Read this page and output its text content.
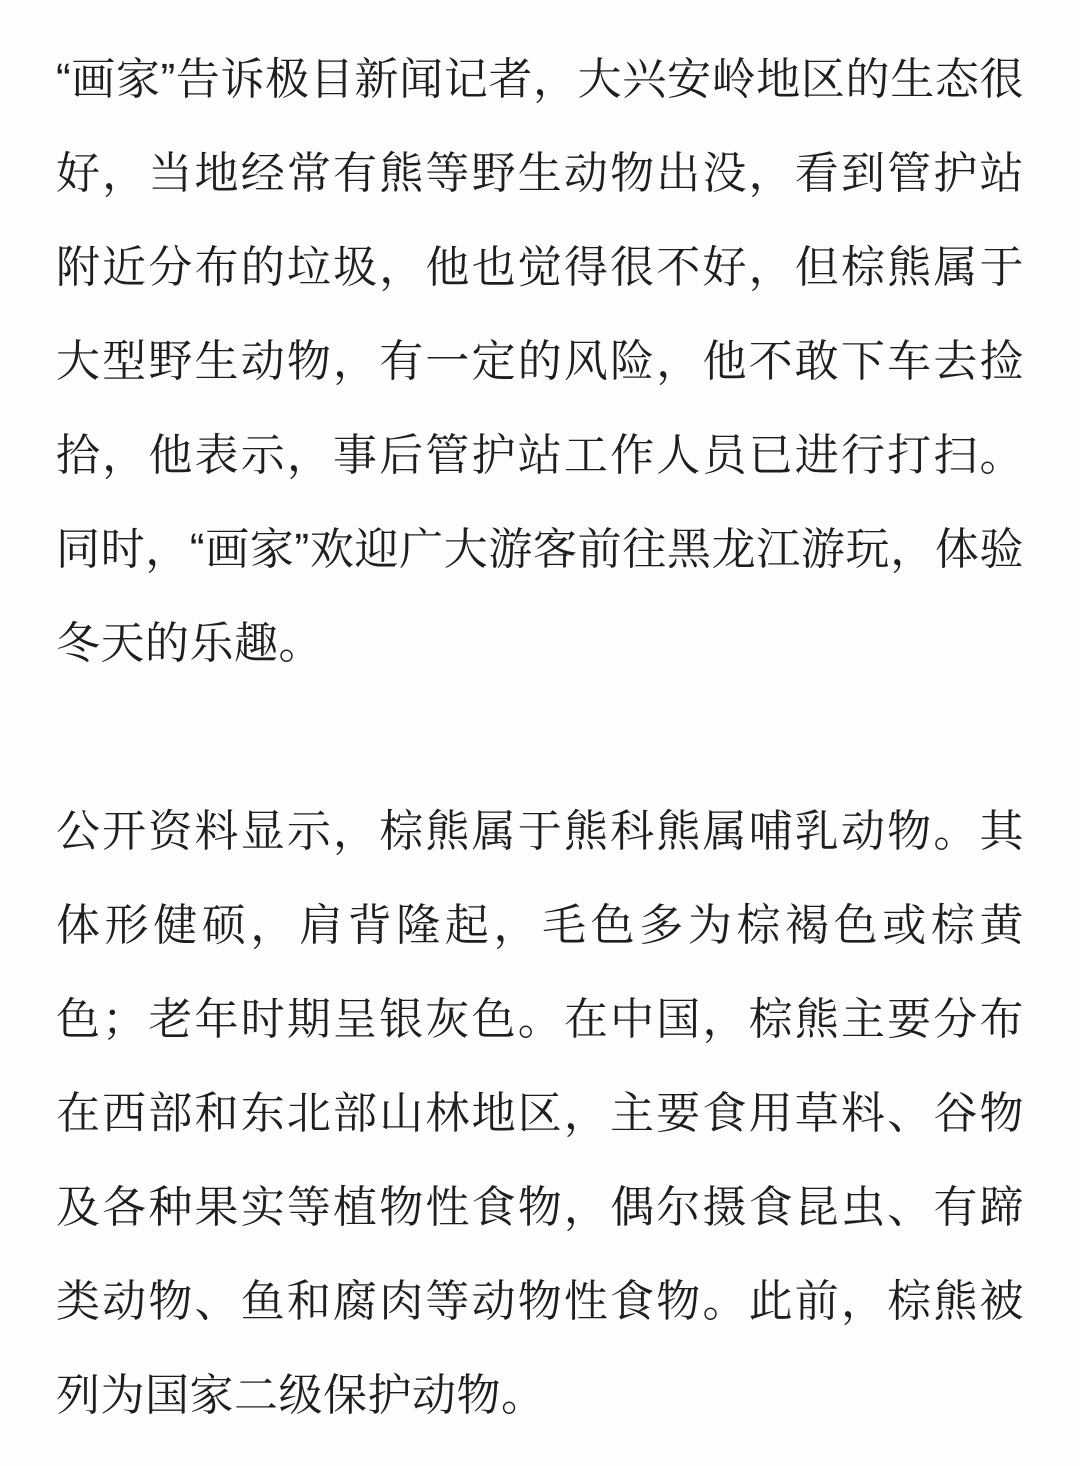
“画家”告诉极目新闻记者，大兴安岭地区的生态很好，当地经常有熊等野生动物出没，看到管护站附近分布的垃圾，他也觉得很不好，但棕熊属于大型野生动物，有一定的风险，他不敢下车去捡拾，他表示，事后管护站工作人员已进行打扫。同时，“画家”欢迎广大游客前往黑龙江游玩，体验冬天的乐趣。

公开资料显示，棕熊属于熊科熊属哺乳动物。其体形健硕，肩背隆起，毛色多为棕褐色或棕黄色；老年时期呈银灰色。在中国，棕熊主要分布在西部和东北部山林地区，主要食用草料、谷物及各种果实等植物性食物，偶尔摄食昆虫、有蹄类动物、鱼和腐肉等动物性食物。此前，棕熊被列为国家二级保护动物。
